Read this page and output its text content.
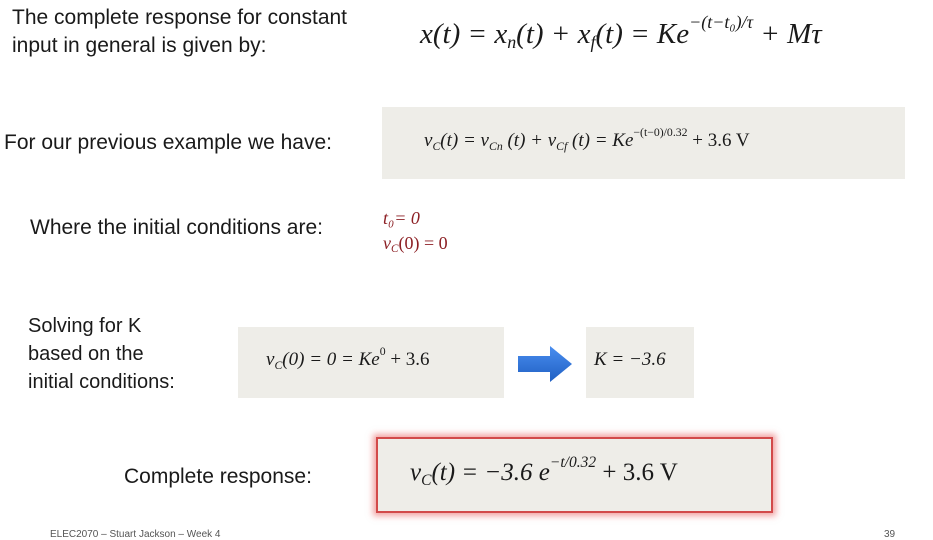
The complete response for constant
input in general is given by:	$x(t) = x_n(t) + x_f(t) = Ke^{-(t-t_0)/\tau} + M\tau$
For our previous example we have:	$v_C(t) = v_{Cn}$ $(t) + v_{Cf}$ $(t) = Ke^{-(t-0)/0.32} + 3.6$ V
Where the initial conditions are:	t₀= 0
$v_C(0) = 0$
Solving for K
based on the
initial conditions:
$v_C(0) = 0 = Ke^0 + 3.6$	K = −3.6
Complete response:	$v_C(t) = -3.6$ $e^{-t/0.32} + 3.6$ V
ELEC2070 – Stuart Jackson – Week 4	39
